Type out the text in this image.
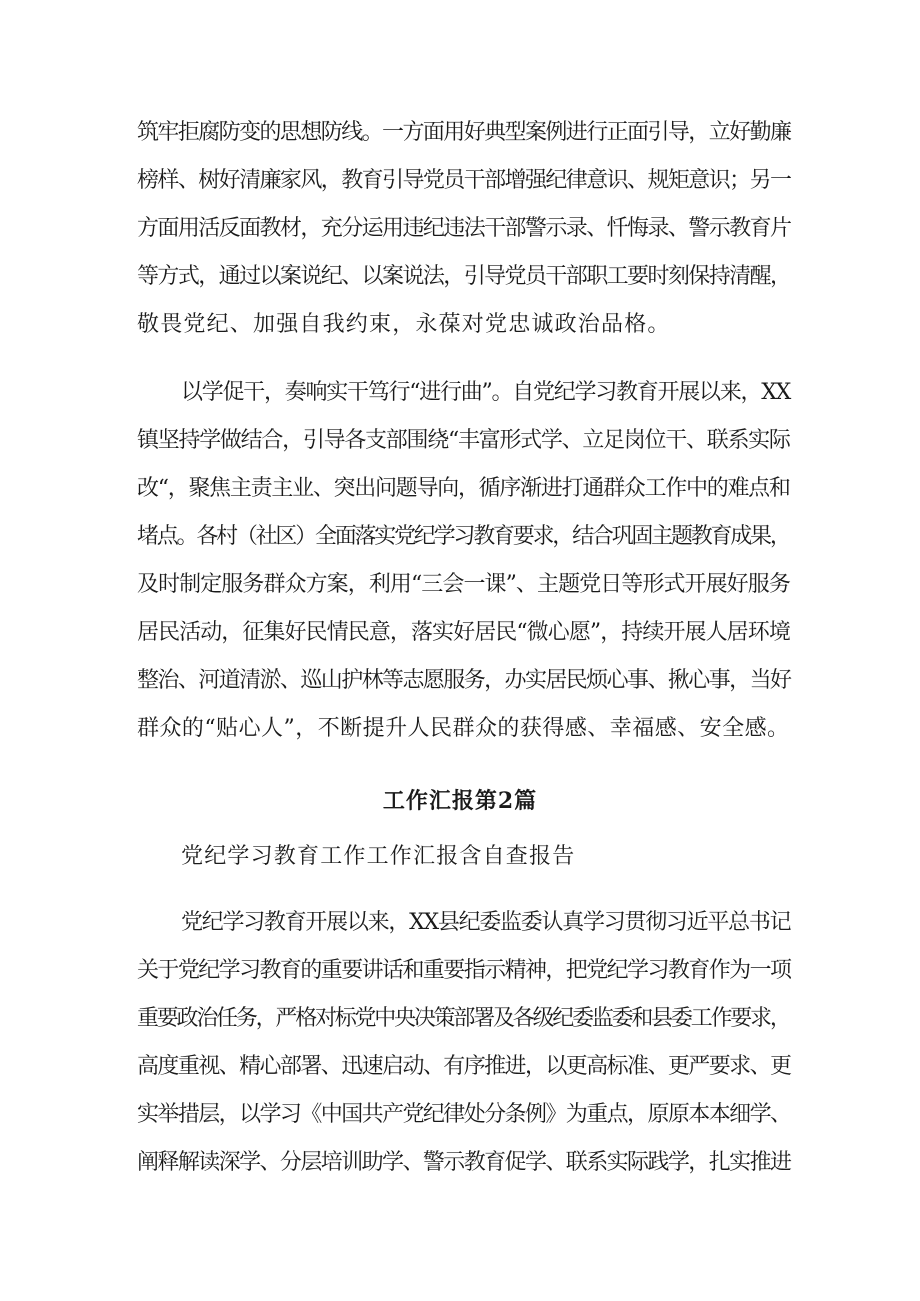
筑牢拒腐防变的思想防线。一方面用好典型案例进行正面引导，立好勤廉
榜样、树好清廉家风，教育引导党员干部增强纪律意识、规矩意识；另一
方面用活反面教材，充分运用违纪违法干部警示录、忏悔录、警示教育片
等方式，通过以案说纪、以案说法，引导党员干部职工要时刻保持清醒，
敬畏党纪、加强自我约束，永葆对党忠诚政治品格。
以学促干，奏响实干笃行“进行曲”。自党纪学习教育开展以来，XX
镇坚持学做结合，引导各支部围绕“丰富形式学、立足岗位干、联系实际
改“，聚焦主责主业、突出问题导向，循序渐进打通群众工作中的难点和
堵点。各村（社区）全面落实党纪学习教育要求，结合巩固主题教育成果，
及时制定服务群众方案，利用“三会一课”、主题党日等形式开展好服务
居民活动，征集好民情民意，落实好居民“微心愿”，持续开展人居环境
整治、河道清淤、巡山护林等志愿服务，办实居民烦心事、揪心事，当好
群众的“贴心人”，不断提升人民群众的获得感、幸福感、安全感。
工作汇报第2篇
党纪学习教育工作工作汇报含自查报告
党纪学习教育开展以来，XX县纪委监委认真学习贯彻习近平总书记
关于党纪学习教育的重要讲话和重要指示精神，把党纪学习教育作为一项
重要政治任务，严格对标党中央决策部署及各级纪委监委和县委工作要求，
高度重视、精心部署、迅速启动、有序推进，以更高标准、更严要求、更
实举措层，以学习《中国共产党纪律处分条例》为重点，原原本本细学、
阐释解读深学、分层培训助学、警示教育促学、联系实际践学，扎实推进
